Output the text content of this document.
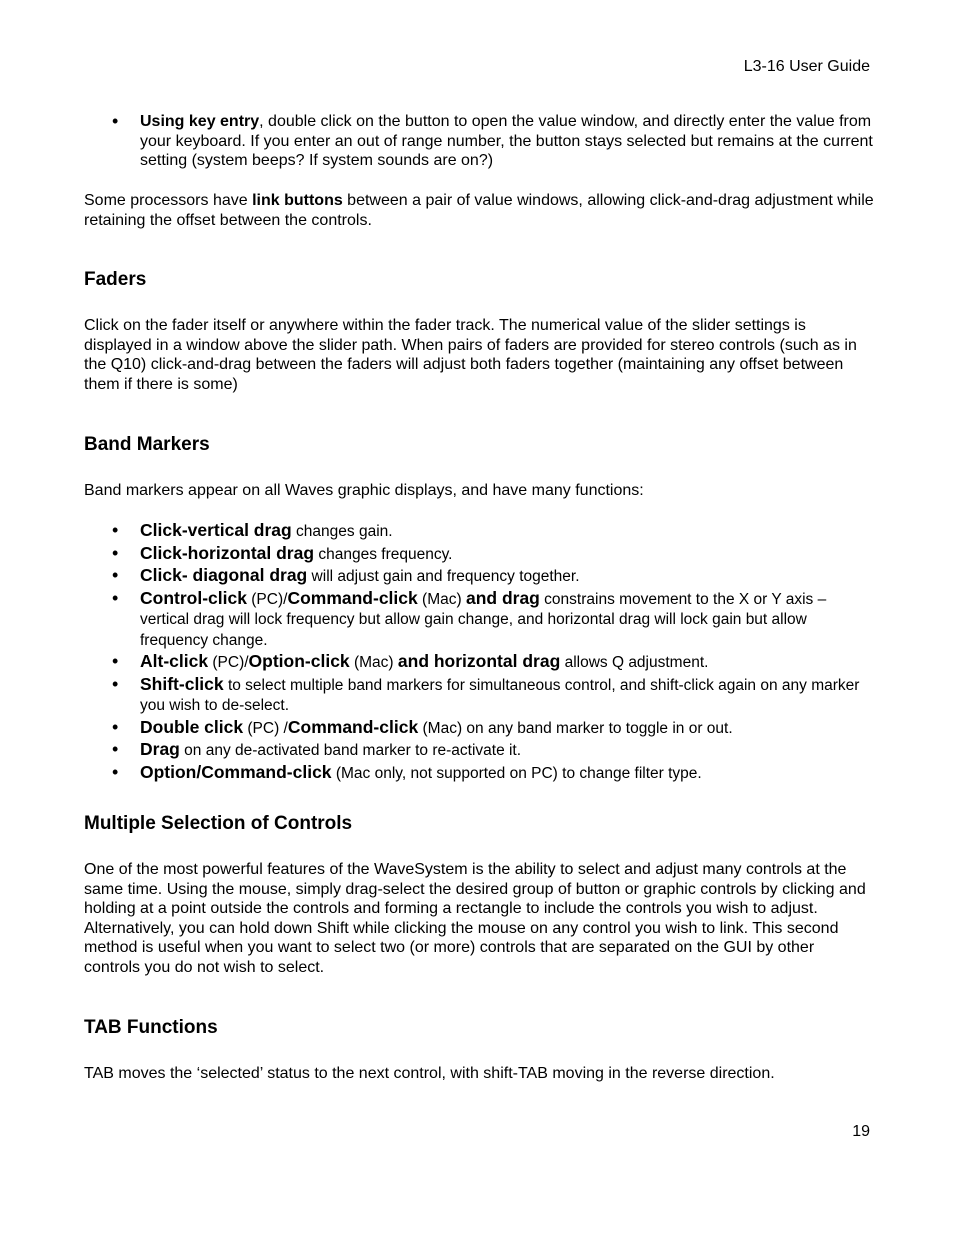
L3-16 User Guide
• Using key entry, double click on the button to open the value window, and directly enter the value from your keyboard. If you enter an out of range number, the button stays selected but remains at the current setting (system beeps? If system sounds are on?)

Some processors have link buttons between a pair of value windows, allowing click-and-drag adjustment while retaining the offset between the controls.

Faders

Click on the fader itself or anywhere within the fader track. The numerical value of the slider settings is displayed in a window above the slider path. When pairs of faders are provided for stereo controls (such as in the Q10) click-and-drag between the faders will adjust both faders together (maintaining any offset between them if there is some)

Band Markers

Band markers appear on all Waves graphic displays, and have many functions:

• Click-vertical drag changes gain.
• Click-horizontal drag changes frequency.
• Click- diagonal drag will adjust gain and frequency together.
• Control-click (PC)/Command-click (Mac) and drag constrains movement to the X or Y axis – vertical drag will lock frequency but allow gain change, and horizontal drag will lock gain but allow frequency change.
• Alt-click (PC)/Option-click (Mac) and horizontal drag allows Q adjustment.
• Shift-click to select multiple band markers for simultaneous control, and shift-click again on any marker you wish to de-select.
• Double click (PC) /Command-click (Mac) on any band marker to toggle in or out.
• Drag on any de-activated band marker to re-activate it.
• Option/Command-click (Mac only, not supported on PC) to change filter type.
Multiple Selection of Controls

One of the most powerful features of the WaveSystem is the ability to select and adjust many controls at the same time. Using the mouse, simply drag-select the desired group of button or graphic controls by clicking and holding at a point outside the controls and forming a rectangle to include the controls you wish to adjust. Alternatively, you can hold down Shift while clicking the mouse on any control you wish to link. This second method is useful when you want to select two (or more) controls that are separated on the GUI by other controls you do not wish to select.

TAB Functions

TAB moves the ‘selected’ status to the next control, with shift-TAB moving in the reverse direction.

19
